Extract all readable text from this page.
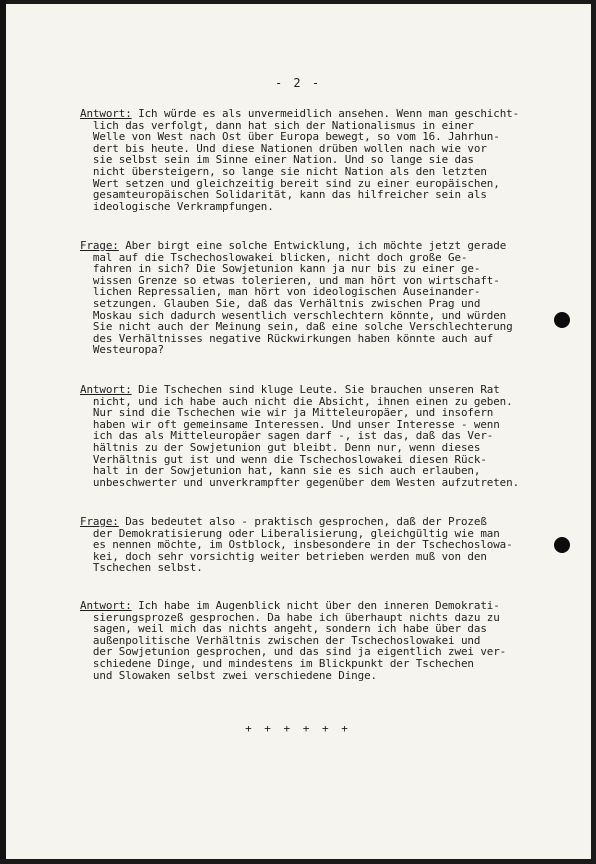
- 2 -
Antwort: Ich würde es als unvermeidlich ansehen. Wenn man geschicht-
lich das verfolgt, dann hat sich der Nationalismus in einer
Welle von West nach Ost über Europa bewegt, so vom 16. Jahrhun-
dert bis heute. Und diese Nationen drüben wollen nach wie vor
sie selbst sein im Sinne einer Nation. Und so lange sie das
nicht übersteigern, so lange sie nicht Nation als den letzten
Wert setzen und gleichzeitig bereit sind zu einer europäischen,
gesamteuropäischen Solidarität, kann das hilfreicher sein als
ideologische Verkrampfungen.
Frage: Aber birgt eine solche Entwicklung, ich möchte jetzt gerade
mal auf die Tschechoslowakei blicken, nicht doch große Ge-
fahren in sich? Die Sowjetunion kann ja nur bis zu einer ge-
wissen Grenze so etwas tolerieren, und man hört von wirtschaft-
lichen Repressalien, man hört von ideologischen Auseinander-
setzungen. Glauben Sie, daß das Verhältnis zwischen Prag und
Moskau sich dadurch wesentlich verschlechtern könnte, und würden
Sie nicht auch der Meinung sein, daß eine solche Verschlechterung
des Verhältnisses negative Rückwirkungen haben könnte auch auf
Westeuropa?
Antwort: Die Tschechen sind kluge Leute. Sie brauchen unseren Rat
nicht, und ich habe auch nicht die Absicht, ihnen einen zu geben.
Nur sind die Tschechen wie wir ja Mitteleuropäer, und insofern
haben wir oft gemeinsame Interessen. Und unser Interesse - wenn
ich das als Mitteleuropäer sagen darf -, ist das, daß das Ver-
hältnis zu der Sowjetunion gut bleibt. Denn nur, wenn dieses
Verhältnis gut ist und wenn die Tschechoslowakei diesen Rück-
halt in der Sowjetunion hat, kann sie es sich auch erlauben,
unbeschwerter und unverkrampfter gegenüber dem Westen aufzutreten.
Frage: Das bedeutet also - praktisch gesprochen, daß der Prozeß
der Demokratisierung oder Liberalisierung, gleichgültig wie man
es nennen möchte, im Ostblock, insbesondere in der Tschechoslowa-
kei, doch sehr vorsichtig weiter betrieben werden muß von den
Tschechen selbst.
Antwort: Ich habe im Augenblick nicht über den inneren Demokrati-
sierungsprozeß gesprochen. Da habe ich überhaupt nichts dazu zu
sagen, weil mich das nichts angeht, sondern ich habe über das
außenpolitische Verhältnis zwischen der Tschechoslowakei und
der Sowjetunion gesprochen, und das sind ja eigentlich zwei ver-
schiedene Dinge, und mindestens im Blickpunkt der Tschechen
und Slowaken selbst zwei verschiedene Dinge.
+ + + + + +
